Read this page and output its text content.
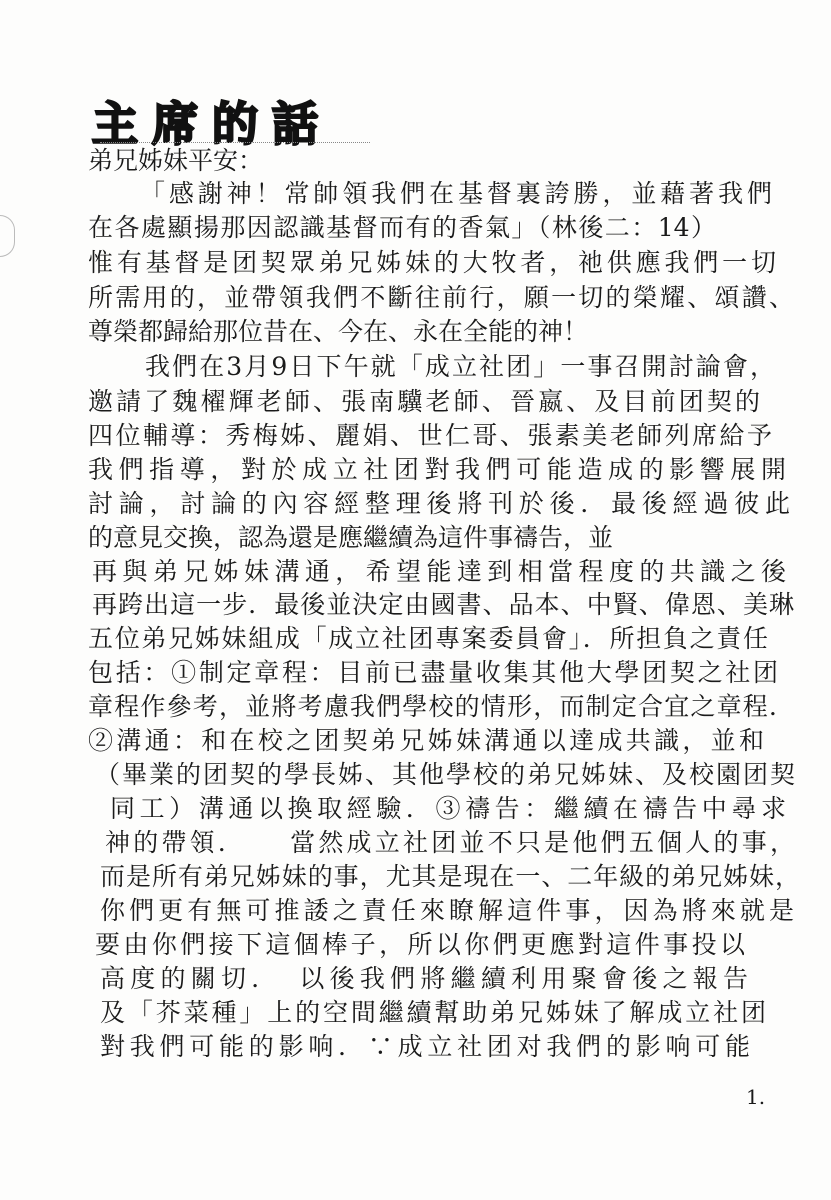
主席的話
弟兄姊妹平安：
「感謝神！常帥領我們在基督裏誇勝，並藉著我們
在各處顯揚那因認識基督而有的香氣」（林後二：14）
惟有基督是团契眾弟兄姊妹的大牧者，祂供應我們一切
所需用的，並帶領我們不斷往前行，願一切的榮耀、頌讚、
尊榮都歸給那位昔在、今在、永在全能的神！
我們在3月9日下午就「成立社团」一事召開討論會，
邀請了魏櫂輝老師、張南驥老師、晉嬴、及目前团契的
四位輔導：秀梅姊、麗娟、世仁哥、張素美老師列席給予
我們指導，對於成立社团對我們可能造成的影響展開
討論，討論的內容經整理後將刊於後．最後經過彼此
的意見交換，認為還是應繼續為這件事禱告，並
再與弟兄姊妹溝通，希望能達到相當程度的共識之後
再跨出這一步．最後並決定由國書、品本、中賢、偉恩、美琳
五位弟兄姊妹組成「成立社团專案委員會」．所担負之責任
包括：①制定章程：目前已盡量收集其他大學团契之社团
章程作參考，並將考慮我們學校的情形，而制定合宜之章程．
②溝通：和在校之团契弟兄姊妹溝通以達成共識，並和
（畢業的团契的學長姊、其他學校的弟兄姊妹、及校園团契
同工）溝通以換取經驗．③禱告：繼續在禱告中尋求
神的帶領．　　當然成立社团並不只是他們五個人的事，
而是所有弟兄姊妹的事，尤其是現在一、二年級的弟兄姊妹，
你們更有無可推諉之責任來瞭解這件事，因為將來就是
要由你們接下這個棒子，所以你們更應對這件事投以
高度的關切．　以後我們將繼續利用聚會後之報告
及「芥菜種」上的空間繼續幫助弟兄姊妹了解成立社团
對我們可能的影响．∵成立社团对我們的影响可能
1.
